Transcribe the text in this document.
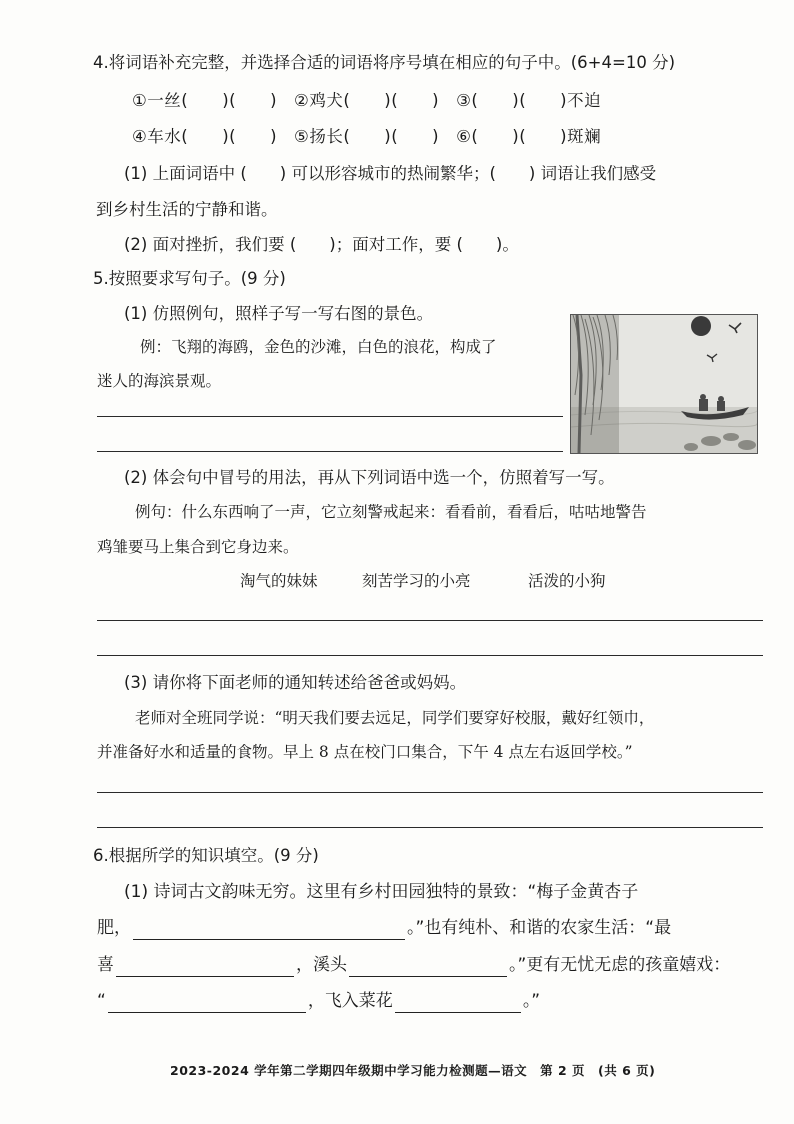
4.将词语补充完整，并选择合适的词语将序号填在相应的句子中。(6+4=10 分)
①一丝(　　)(　　)　②鸡犬(　　)(　　)　③(　　)(　　)不迫
④车水(　　)(　　)　⑤扬长(　　)(　　)　⑥(　　)(　　)斑斓
(1) 上面词语中 (　　) 可以形容城市的热闹繁华；(　　) 词语让我们感受
到乡村生活的宁静和谐。
(2) 面对挫折，我们要 (　　)；面对工作，要 (　　)。
5.按照要求写句子。(9 分)
(1) 仿照例句，照样子写一写右图的景色。
例：飞翔的海鸥，金色的沙滩，白色的浪花，构成了
迷人的海滨景观。
(2) 体会句中冒号的用法，再从下列词语中选一个，仿照着写一写。
例句：什么东西响了一声，它立刻警戒起来：看看前，看看后，咕咕地警告
鸡雏要马上集合到它身边来。
淘气的妹妹	刻苦学习的小亮	活泼的小狗
(3) 请你将下面老师的通知转述给爸爸或妈妈。
老师对全班同学说：“明天我们要去远足，同学们要穿好校服，戴好红领巾，
并准备好水和适量的食物。早上 8 点在校门口集合，下午 4 点左右返回学校。”
6.根据所学的知识填空。(9 分)
(1) 诗词古文韵味无穷。这里有乡村田园独特的景致：“梅子金黄杏子
肥，	。”也有纯朴、和谐的农家生活：“最
喜	，溪头	。”更有无忧无虑的孩童嬉戏：
“	，飞入菜花	。”
2023-2024 学年第二学期四年级期中学习能力检测题—语文　第 2 页　(共 6 页)
